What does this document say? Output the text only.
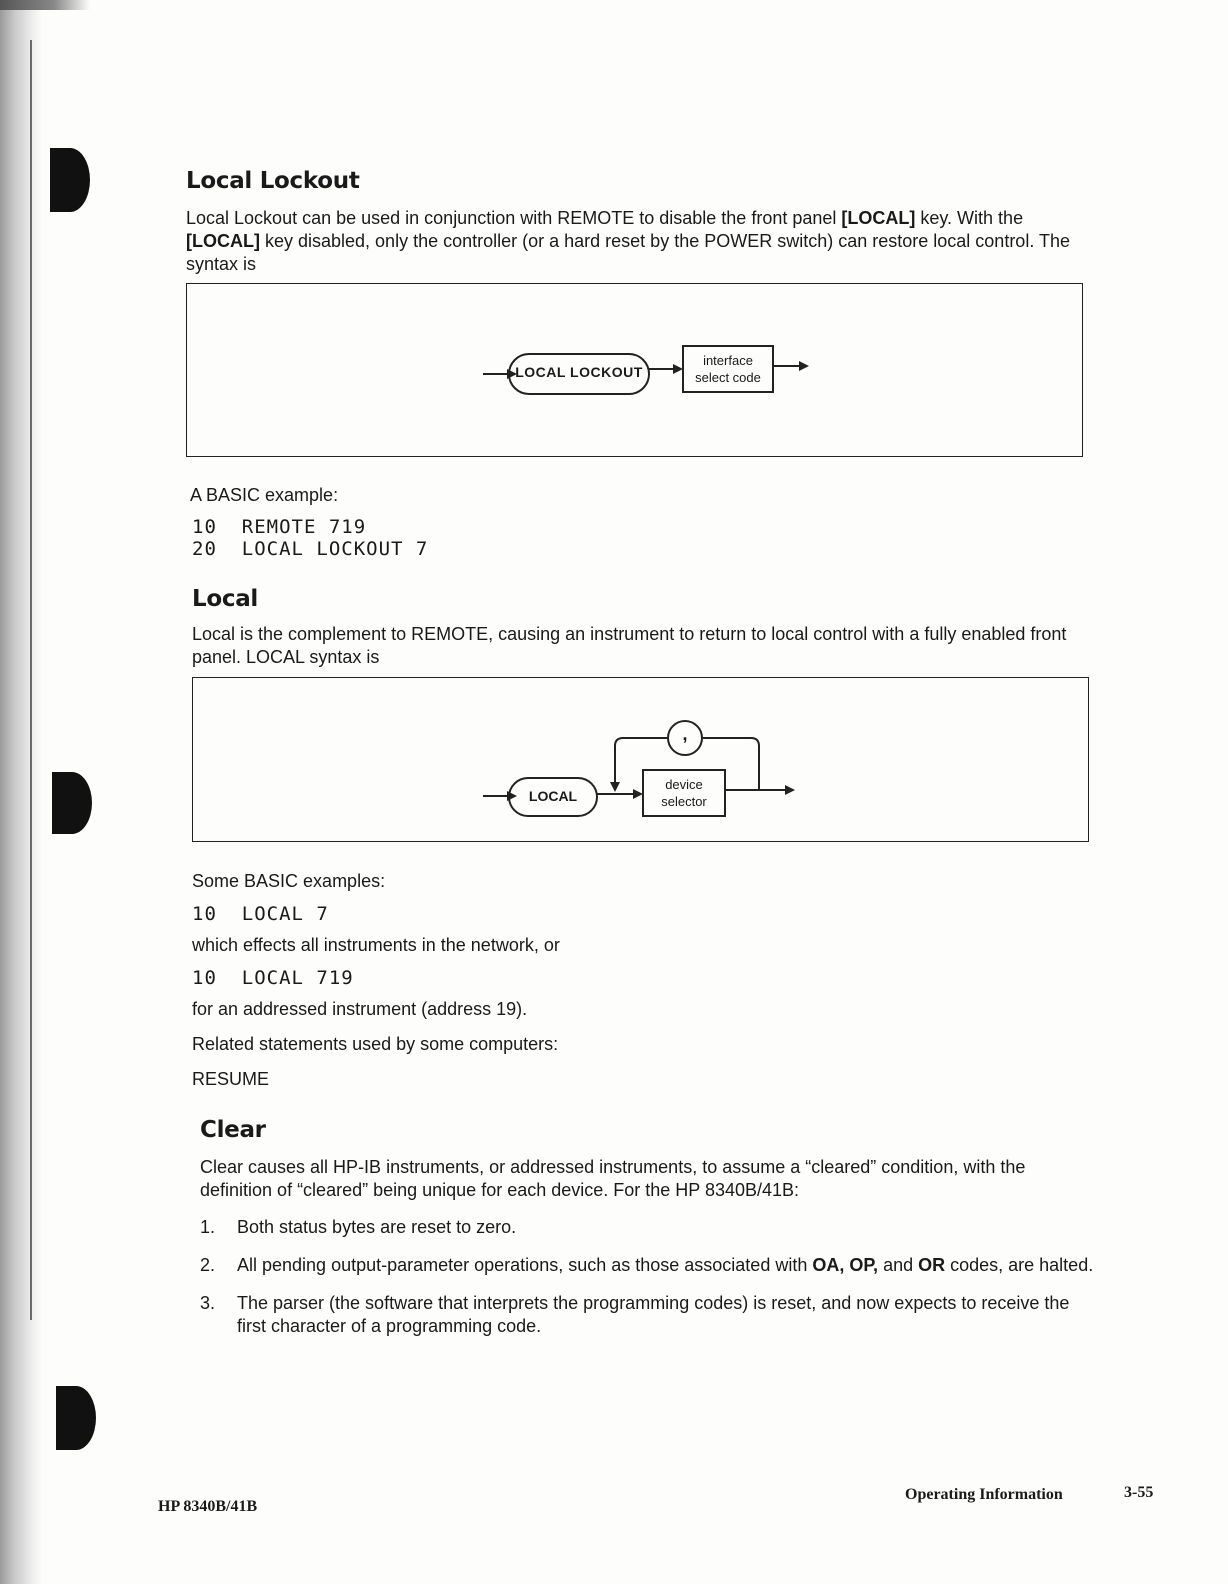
Local Lockout

Local Lockout can be used in conjunction with REMOTE to disable the front panel [LOCAL] key. With the [LOCAL] key disabled, only the controller (or a hard reset by the POWER switch) can restore local control. The syntax is

LOCAL LOCKOUT
interface
select code

A BASIC example:

10  REMOTE 719
20  LOCAL LOCKOUT 7
Local

Local is the complement to REMOTE, causing an instrument to return to local control with a fully enabled front panel. LOCAL syntax is

LOCAL
,
device
selector

Some BASIC examples:

10  LOCAL 7

which effects all instruments in the network, or

10  LOCAL 719

for an addressed instrument (address 19).

Related statements used by some computers:

RESUME

Clear

Clear causes all HP-IB instruments, or addressed instruments, to assume a “cleared” condition, with the definition of “cleared” being unique for each device. For the HP 8340B/41B:

1.	Both status bytes are reset to zero.
2.	All pending output-parameter operations, such as those associated with OA, OP, and OR codes, are halted.
3.	The parser (the software that interprets the programming codes) is reset, and now expects to receive the first character of a programming code.
HP 8340B/41B
Operating Information	3-55
